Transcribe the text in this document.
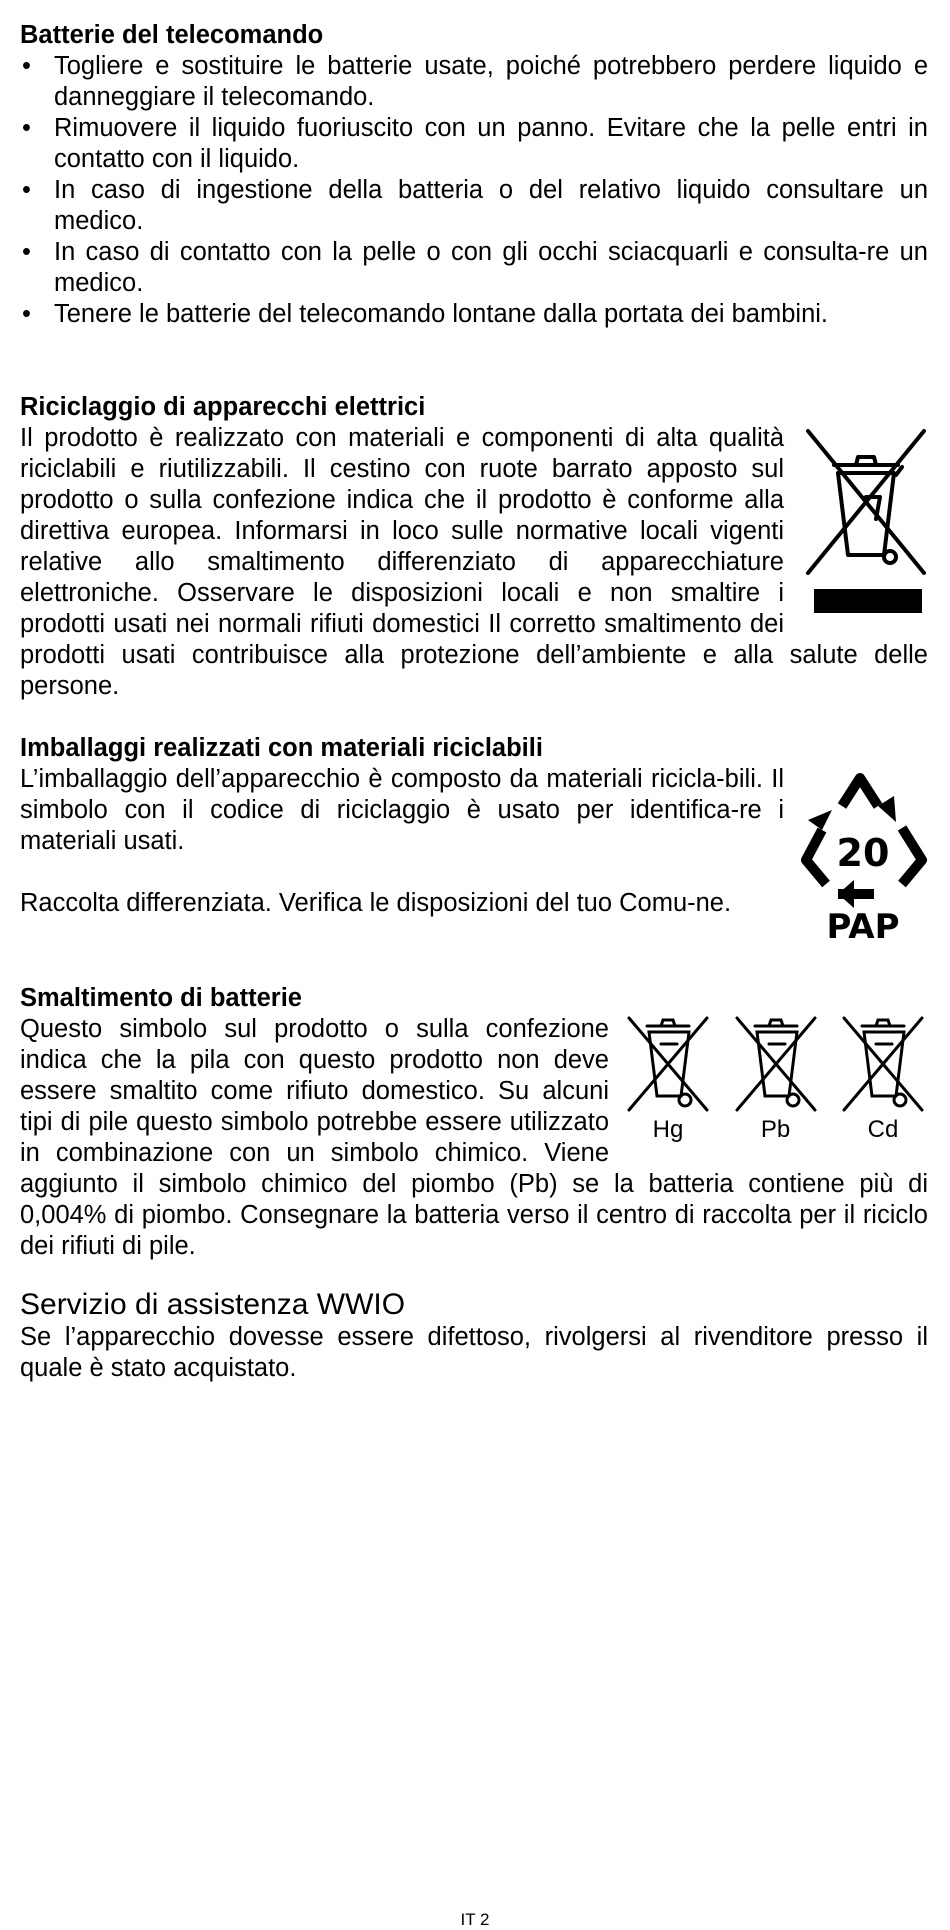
Batterie del telecomando
• Togliere e sostituire le batterie usate, poiché potrebbero perdere liquido e danneggiare il telecomando.
• Rimuovere il liquido fuoriuscito con un panno. Evitare che la pelle entri in contatto con il liquido.
• In caso di ingestione della batteria o del relativo liquido consultare un medico.
• In caso di contatto con la pelle o con gli occhi sciacquarli e consulta-re un medico.
• Tenere le batterie del telecomando lontane dalla portata dei bambini.
Riciclaggio di apparecchi elettrici

Il prodotto è realizzato con materiali e componenti di alta qualità riciclabili e riutilizzabili. Il cestino con ruote barrato apposto sul prodotto o sulla confezione indica che il prodotto è conforme alla direttiva europea. Informarsi in loco sulle normative locali vigenti relative allo smaltimento differenziato di apparecchiature elettroniche. Osservare le disposizioni locali e non smaltire i prodotti usati nei normali rifiuti domestici Il corretto smaltimento dei prodotti usati contribuisce alla protezione dell’ambiente e alla salute delle persone.

Imballaggi realizzati con materiali riciclabili
20
PAP

L’imballaggio dell’apparecchio è composto da materiali ricicla-bili. Il simbolo con il codice di riciclaggio è usato per identifica-re i materiali usati.

Raccolta differenziata. Verifica le disposizioni del tuo Comu-ne.

Smaltimento di batterie
Hg	Pb	Cd

Questo simbolo sul prodotto o sulla confezione indica che la pila con questo prodotto non deve essere smaltito come rifiuto domestico. Su alcuni tipi di pile questo simbolo potrebbe essere utilizzato in combinazione con un simbolo chimico. Viene aggiunto il simbolo chimico del piombo (Pb) se la batteria contiene più di 0,004% di piombo. Consegnare la batteria verso il centro di raccolta per il riciclo dei rifiuti di pile.

Servizio di assistenza WWIO

Se l’apparecchio dovesse essere difettoso, rivolgersi al rivenditore presso il quale è stato acquistato.

IT 2
